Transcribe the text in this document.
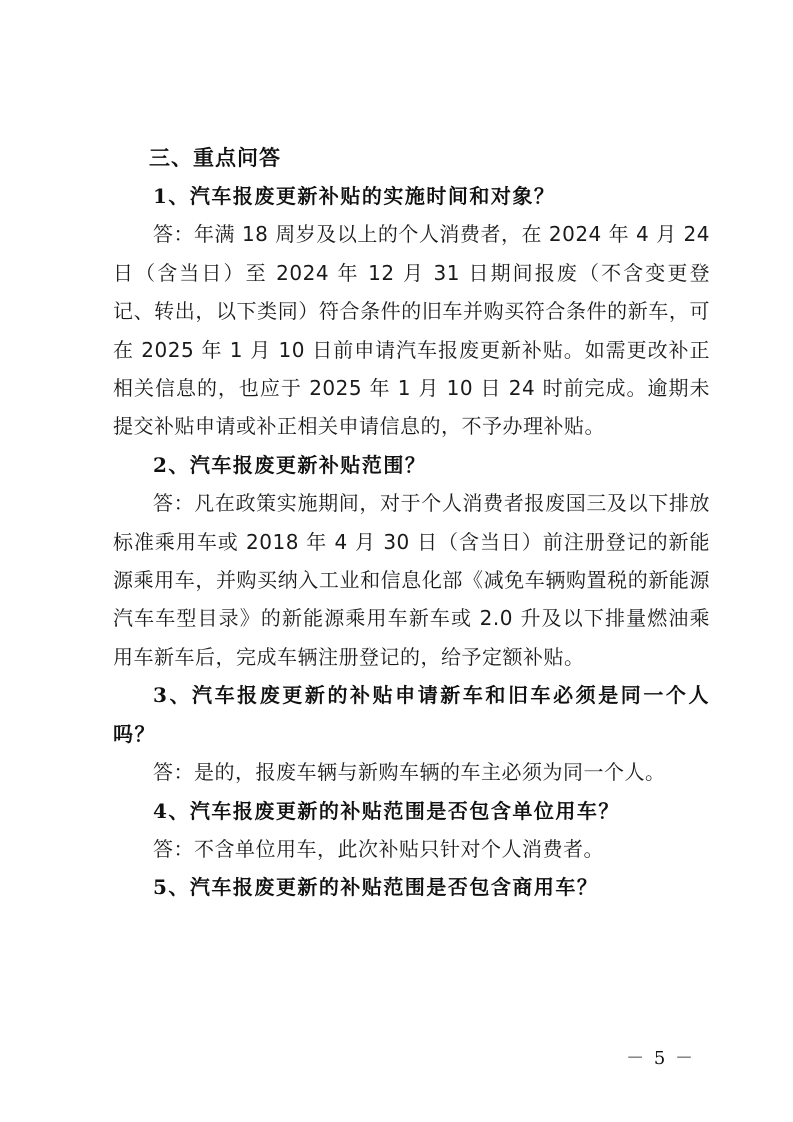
三、重点问答

1、汽车报废更新补贴的实施时间和对象？

答：年满 18 周岁及以上的个人消费者，在 2024 年 4 月 24 日（含当日）至 2024 年 12 月 31 日期间报废（不含变更登记、转出，以下类同）符合条件的旧车并购买符合条件的新车，可在 2025 年 1 月 10 日前申请汽车报废更新补贴。如需更改补正相关信息的，也应于 2025 年 1 月 10 日 24 时前完成。逾期未提交补贴申请或补正相关申请信息的，不予办理补贴。

2、汽车报废更新补贴范围？

答：凡在政策实施期间，对于个人消费者报废国三及以下排放标准乘用车或 2018 年 4 月 30 日（含当日）前注册登记的新能源乘用车，并购买纳入工业和信息化部《减免车辆购置税的新能源汽车车型目录》的新能源乘用车新车或 2.0 升及以下排量燃油乘用车新车后，完成车辆注册登记的，给予定额补贴。

3、汽车报废更新的补贴申请新车和旧车必须是同一个人吗？

答：是的，报废车辆与新购车辆的车主必须为同一个人。

4、汽车报废更新的补贴范围是否包含单位用车？

答：不含单位用车，此次补贴只针对个人消费者。

5、汽车报废更新的补贴范围是否包含商用车？

－ 5 －
